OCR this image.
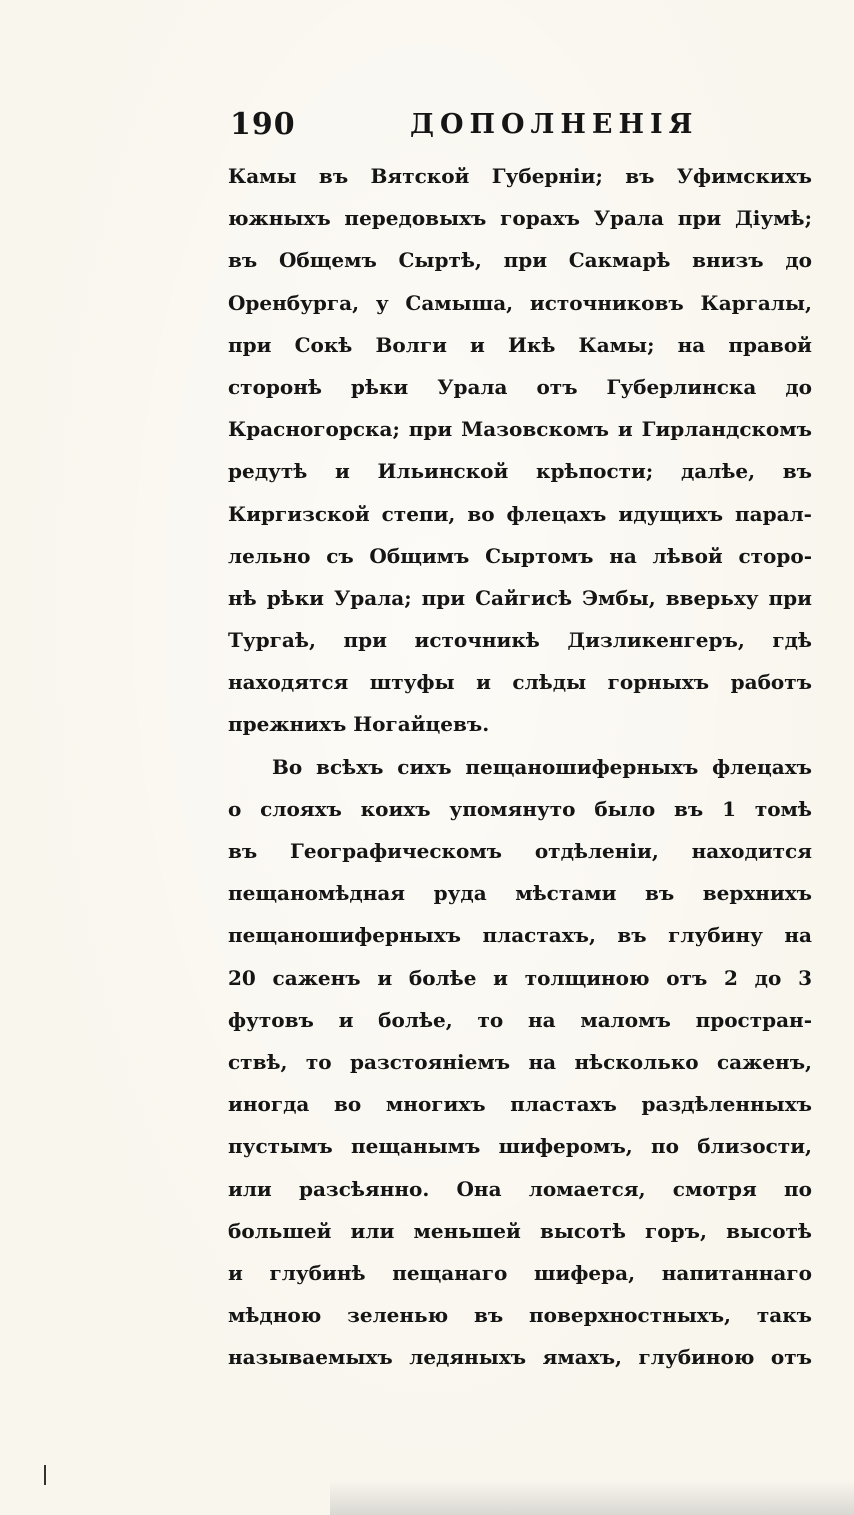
190	ДОПОЛНЕНІЯ
Камы въ Вятской Губерніи; въ Уфимскихъ
южныхъ передовыхъ горахъ Урала при Діумѣ;
въ Общемъ Сыртѣ, при Сакмарѣ внизъ до
Оренбурга, у Самыша, источниковъ Каргалы,
при Сокѣ Волги и Икѣ Камы; на правой
сторонѣ рѣки Урала отъ Губерлинска до
Красногорска; при Мазовскомъ и Гирландскомъ
редутѣ и Ильинской крѣпости; далѣе, въ
Киргизской степи, во флецахъ идущихъ парал-
лельно съ Общимъ Сыртомъ на лѣвой сторо-
нѣ рѣки Урала; при Сайгисѣ Эмбы, вверьху при
Тургаѣ, при источникѣ Дизликенгеръ, гдѣ
находятся штуфы и слѣды горныхъ работъ
прежнихъ Ногайцевъ.
Во всѣхъ сихъ пещаношиферныхъ флецахъ
о слояхъ коихъ упомянуто было въ 1 томѣ
въ Географическомъ отдѣленіи, находится
пещаномѣдная руда мѣстами въ верхнихъ
пещаношиферныхъ пластахъ, въ глубину на
20 саженъ и болѣе и толщиною отъ 2 до 3
футовъ и болѣе, то на маломъ простран-
ствѣ, то разстояніемъ на нѣсколько саженъ,
иногда во многихъ пластахъ раздѣленныхъ
пустымъ пещанымъ шиферомъ, по близости,
или разсѣянно. Она ломается, смотря по
большей или меньшей высотѣ горъ, высотѣ
и глубинѣ пещанаго шифера, напитаннаго
мѣдною зеленью въ поверхностныхъ, такъ
называемыхъ ледяныхъ ямахъ, глубиною отъ
